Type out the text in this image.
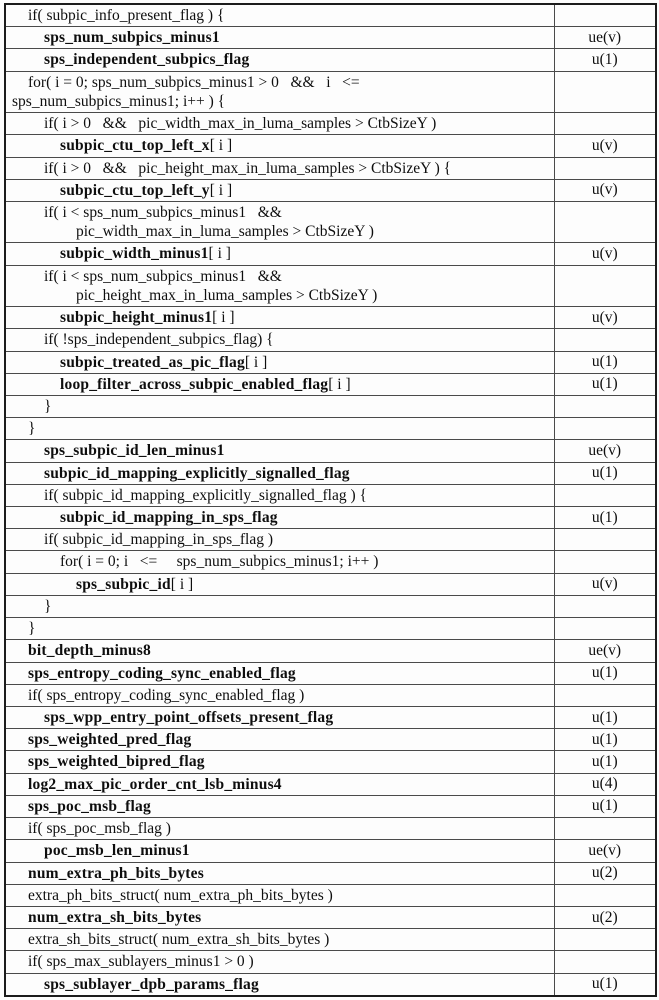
if( subpic_info_present_flag ) {	

sps_num_subpics_minus1	ue(v)

sps_independent_subpics_flag	u(1)

for( i = 0; sps_num_subpics_minus1 > 0   &&   i   <=
sps_num_subpics_minus1; i++ ) {	

if( i > 0   &&   pic_width_max_in_luma_samples > CtbSizeY )	

subpic_ctu_top_left_x[ i ]	u(v)

if( i > 0   &&   pic_height_max_in_luma_samples > CtbSizeY ) {	

subpic_ctu_top_left_y[ i ]	u(v)

if( i < sps_num_subpics_minus1   &&
pic_width_max_in_luma_samples > CtbSizeY )	

subpic_width_minus1[ i ]	u(v)

if( i < sps_num_subpics_minus1   &&
pic_height_max_in_luma_samples > CtbSizeY )	

subpic_height_minus1[ i ]	u(v)

if( !sps_independent_subpics_flag) {	

subpic_treated_as_pic_flag[ i ]	u(1)

loop_filter_across_subpic_enabled_flag[ i ]	u(1)

}	

}	

sps_subpic_id_len_minus1	ue(v)

subpic_id_mapping_explicitly_signalled_flag	u(1)

if( subpic_id_mapping_explicitly_signalled_flag ) {	

subpic_id_mapping_in_sps_flag	u(1)

if( subpic_id_mapping_in_sps_flag )	

for( i = 0; i   <=     sps_num_subpics_minus1; i++ )	

sps_subpic_id[ i ]	u(v)

}	

}	

bit_depth_minus8	ue(v)

sps_entropy_coding_sync_enabled_flag	u(1)

if( sps_entropy_coding_sync_enabled_flag )	

sps_wpp_entry_point_offsets_present_flag	u(1)

sps_weighted_pred_flag	u(1)

sps_weighted_bipred_flag	u(1)

log2_max_pic_order_cnt_lsb_minus4	u(4)

sps_poc_msb_flag	u(1)

if( sps_poc_msb_flag )	

poc_msb_len_minus1	ue(v)

num_extra_ph_bits_bytes	u(2)

extra_ph_bits_struct( num_extra_ph_bits_bytes )	

num_extra_sh_bits_bytes	u(2)

extra_sh_bits_struct( num_extra_sh_bits_bytes )	

if( sps_max_sublayers_minus1 > 0 )	

sps_sublayer_dpb_params_flag	u(1)
